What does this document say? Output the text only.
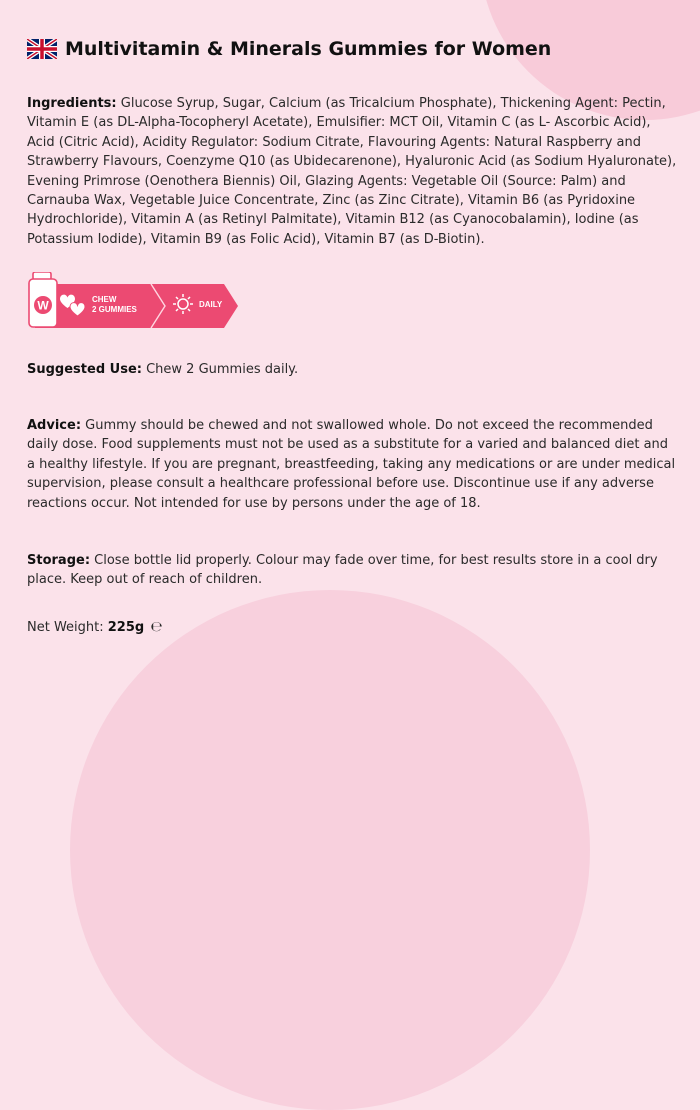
Multivitamin & Minerals Gummies for Women

Ingredients: Glucose Syrup, Sugar, Calcium (as Tricalcium Phosphate), Thickening Agent: Pectin, Vitamin E (as DL-Alpha-Tocopheryl Acetate), Emulsifier: MCT Oil, Vitamin C (as L- Ascorbic Acid), Acid (Citric Acid), Acidity Regulator: Sodium Citrate, Flavouring Agents: Natural Raspberry and Strawberry Flavours, Coenzyme Q10 (as Ubidecarenone), Hyaluronic Acid (as Sodium Hyaluronate), Evening Primrose (Oenothera Biennis) Oil, Glazing Agents: Vegetable Oil (Source: Palm) and Carnauba Wax, Vegetable Juice Concentrate, Zinc (as Zinc Citrate), Vitamin B6 (as Pyridoxine Hydrochloride), Vitamin A (as Retinyl Palmitate), Vitamin B12 (as Cyanocobalamin), Iodine (as Potassium Iodide), Vitamin B9 (as Folic Acid), Vitamin B7 (as D-Biotin).

W	CHEW
2 GUMMIES
DAILY

Suggested Use: Chew 2 Gummies daily.

Advice: Gummy should be chewed and not swallowed whole. Do not exceed the recommended daily dose. Food supplements must not be used as a substitute for a varied and balanced diet and a healthy lifestyle. If you are pregnant, breastfeeding, taking any medications or are under medical supervision, please consult a healthcare professional before use. Discontinue use if any adverse reactions occur. Not intended for use by persons under the age of 18.

Storage: Close bottle lid properly. Colour may fade over time, for best results store in a cool dry place. Keep out of reach of children.

Net Weight: 225g ℮
